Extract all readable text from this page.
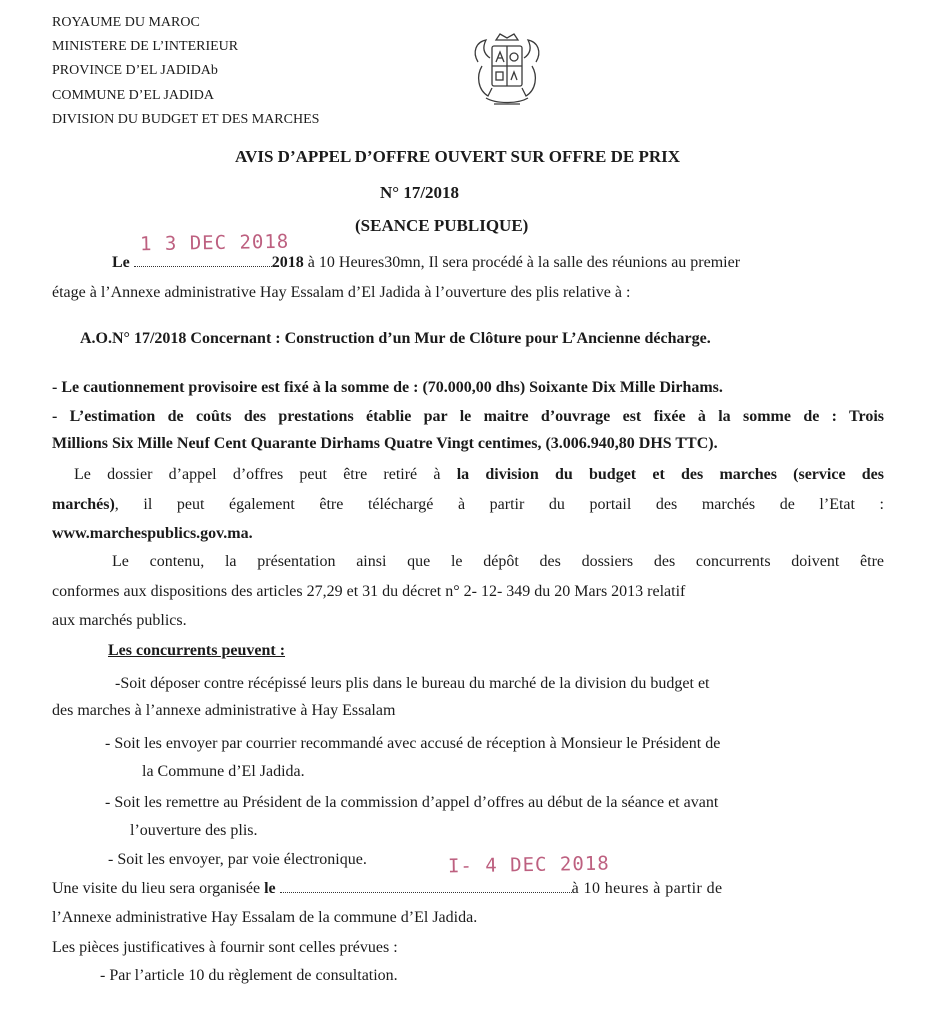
ROYAUME DU MAROC
MINISTERE DE L’INTERIEUR
PROVINCE D’EL JADIDAb
COMMUNE D’EL JADIDA
DIVISION DU BUDGET ET DES MARCHES
AVIS D’APPEL D’OFFRE OUVERT SUR OFFRE DE PRIX
N° 17/2018
(SEANCE PUBLIQUE)
1 3 DEC 2018
Le	2018 à 10 Heures30mn, Il sera procédé à la salle des réunions au premier
étage à l’Annexe administrative Hay Essalam d’El Jadida à l’ouverture des plis relative à :
A.O.N° 17/2018 Concernant : Construction d’un Mur de Clôture pour L’Ancienne décharge.
- Le cautionnement provisoire est fixé à la somme de : (70.000,00 dhs) Soixante Dix Mille Dirhams.
- L’estimation de coûts des prestations établie par le maitre d’ouvrage est fixée à la somme de : Trois
Millions Six Mille Neuf Cent Quarante Dirhams Quatre Vingt centimes, (3.006.940,80 DHS TTC).
Le dossier d’appel d’offres peut être retiré à la division du budget et des marches (service des
marchés), il peut également être téléchargé à partir du portail des marchés de l’Etat :
www.marchespublics.gov.ma.
Le contenu, la présentation ainsi que le dépôt des dossiers des concurrents doivent être
conformes aux dispositions des articles 27,29 et 31 du décret n° 2- 12- 349 du 20 Mars 2013 relatif
aux marchés publics.
Les concurrents peuvent :
-Soit déposer contre récépissé leurs plis dans le bureau du marché de la division du budget et
des marches à l’annexe administrative à Hay Essalam
- Soit les envoyer par courrier recommandé avec accusé de réception à Monsieur le Président de
la Commune d’El Jadida.
- Soit les remettre au Président de la commission d’appel d’offres au début de la séance et avant
l’ouverture des plis.
- Soit les envoyer, par voie électronique.	I- 4 DEC 2018
Une visite du lieu sera organisée le	à 10 heures à partir de
l’Annexe administrative Hay Essalam de la commune d’El Jadida.
Les pièces justificatives à fournir sont celles prévues :
- Par l’article 10 du règlement de consultation.
